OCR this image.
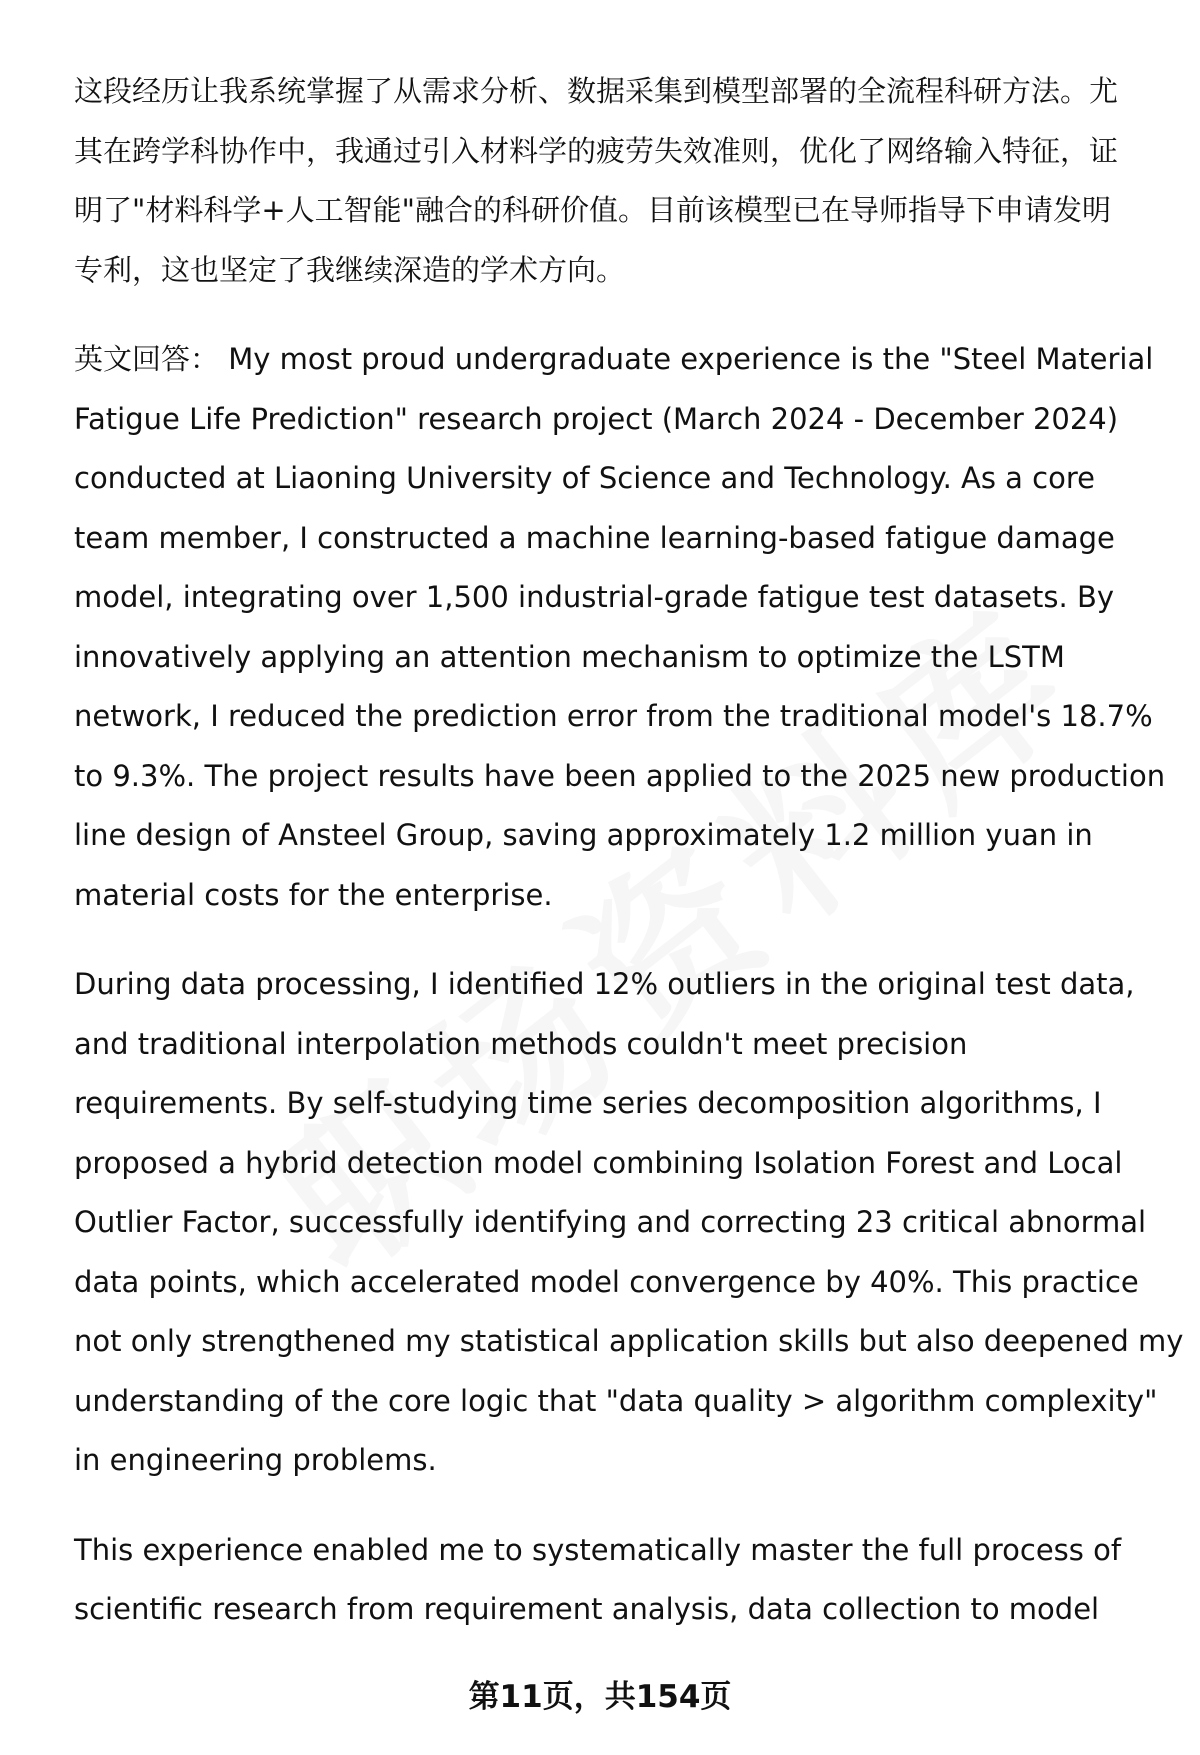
这段经历让我系统掌握了从需求分析、数据采集到模型部署的全流程科研方法。尤
其在跨学科协作中，我通过引入材料学的疲劳失效准则，优化了网络输入特征，证
明了"材料科学+人工智能"融合的科研价值。目前该模型已在导师指导下申请发明
专利，这也坚定了我继续深造的学术方向。

英文回答： My most proud undergraduate experience is the "Steel Material
Fatigue Life Prediction" research project (March 2024 - December 2024)
conducted at Liaoning University of Science and Technology. As a core
team member, I constructed a machine learning-based fatigue damage
model, integrating over 1,500 industrial-grade fatigue test datasets. By
innovatively applying an attention mechanism to optimize the LSTM
network, I reduced the prediction error from the traditional model's 18.7%
to 9.3%. The project results have been applied to the 2025 new production
line design of Ansteel Group, saving approximately 1.2 million yuan in
material costs for the enterprise.

During data processing, I identified 12% outliers in the original test data,
and traditional interpolation methods couldn't meet precision
requirements. By self-studying time series decomposition algorithms, I
proposed a hybrid detection model combining Isolation Forest and Local
Outlier Factor, successfully identifying and correcting 23 critical abnormal
data points, which accelerated model convergence by 40%. This practice
not only strengthened my statistical application skills but also deepened my
understanding of the core logic that "data quality > algorithm complexity"
in engineering problems.

This experience enabled me to systematically master the full process of
scientific research from requirement analysis, data collection to model

第11页，共154页
